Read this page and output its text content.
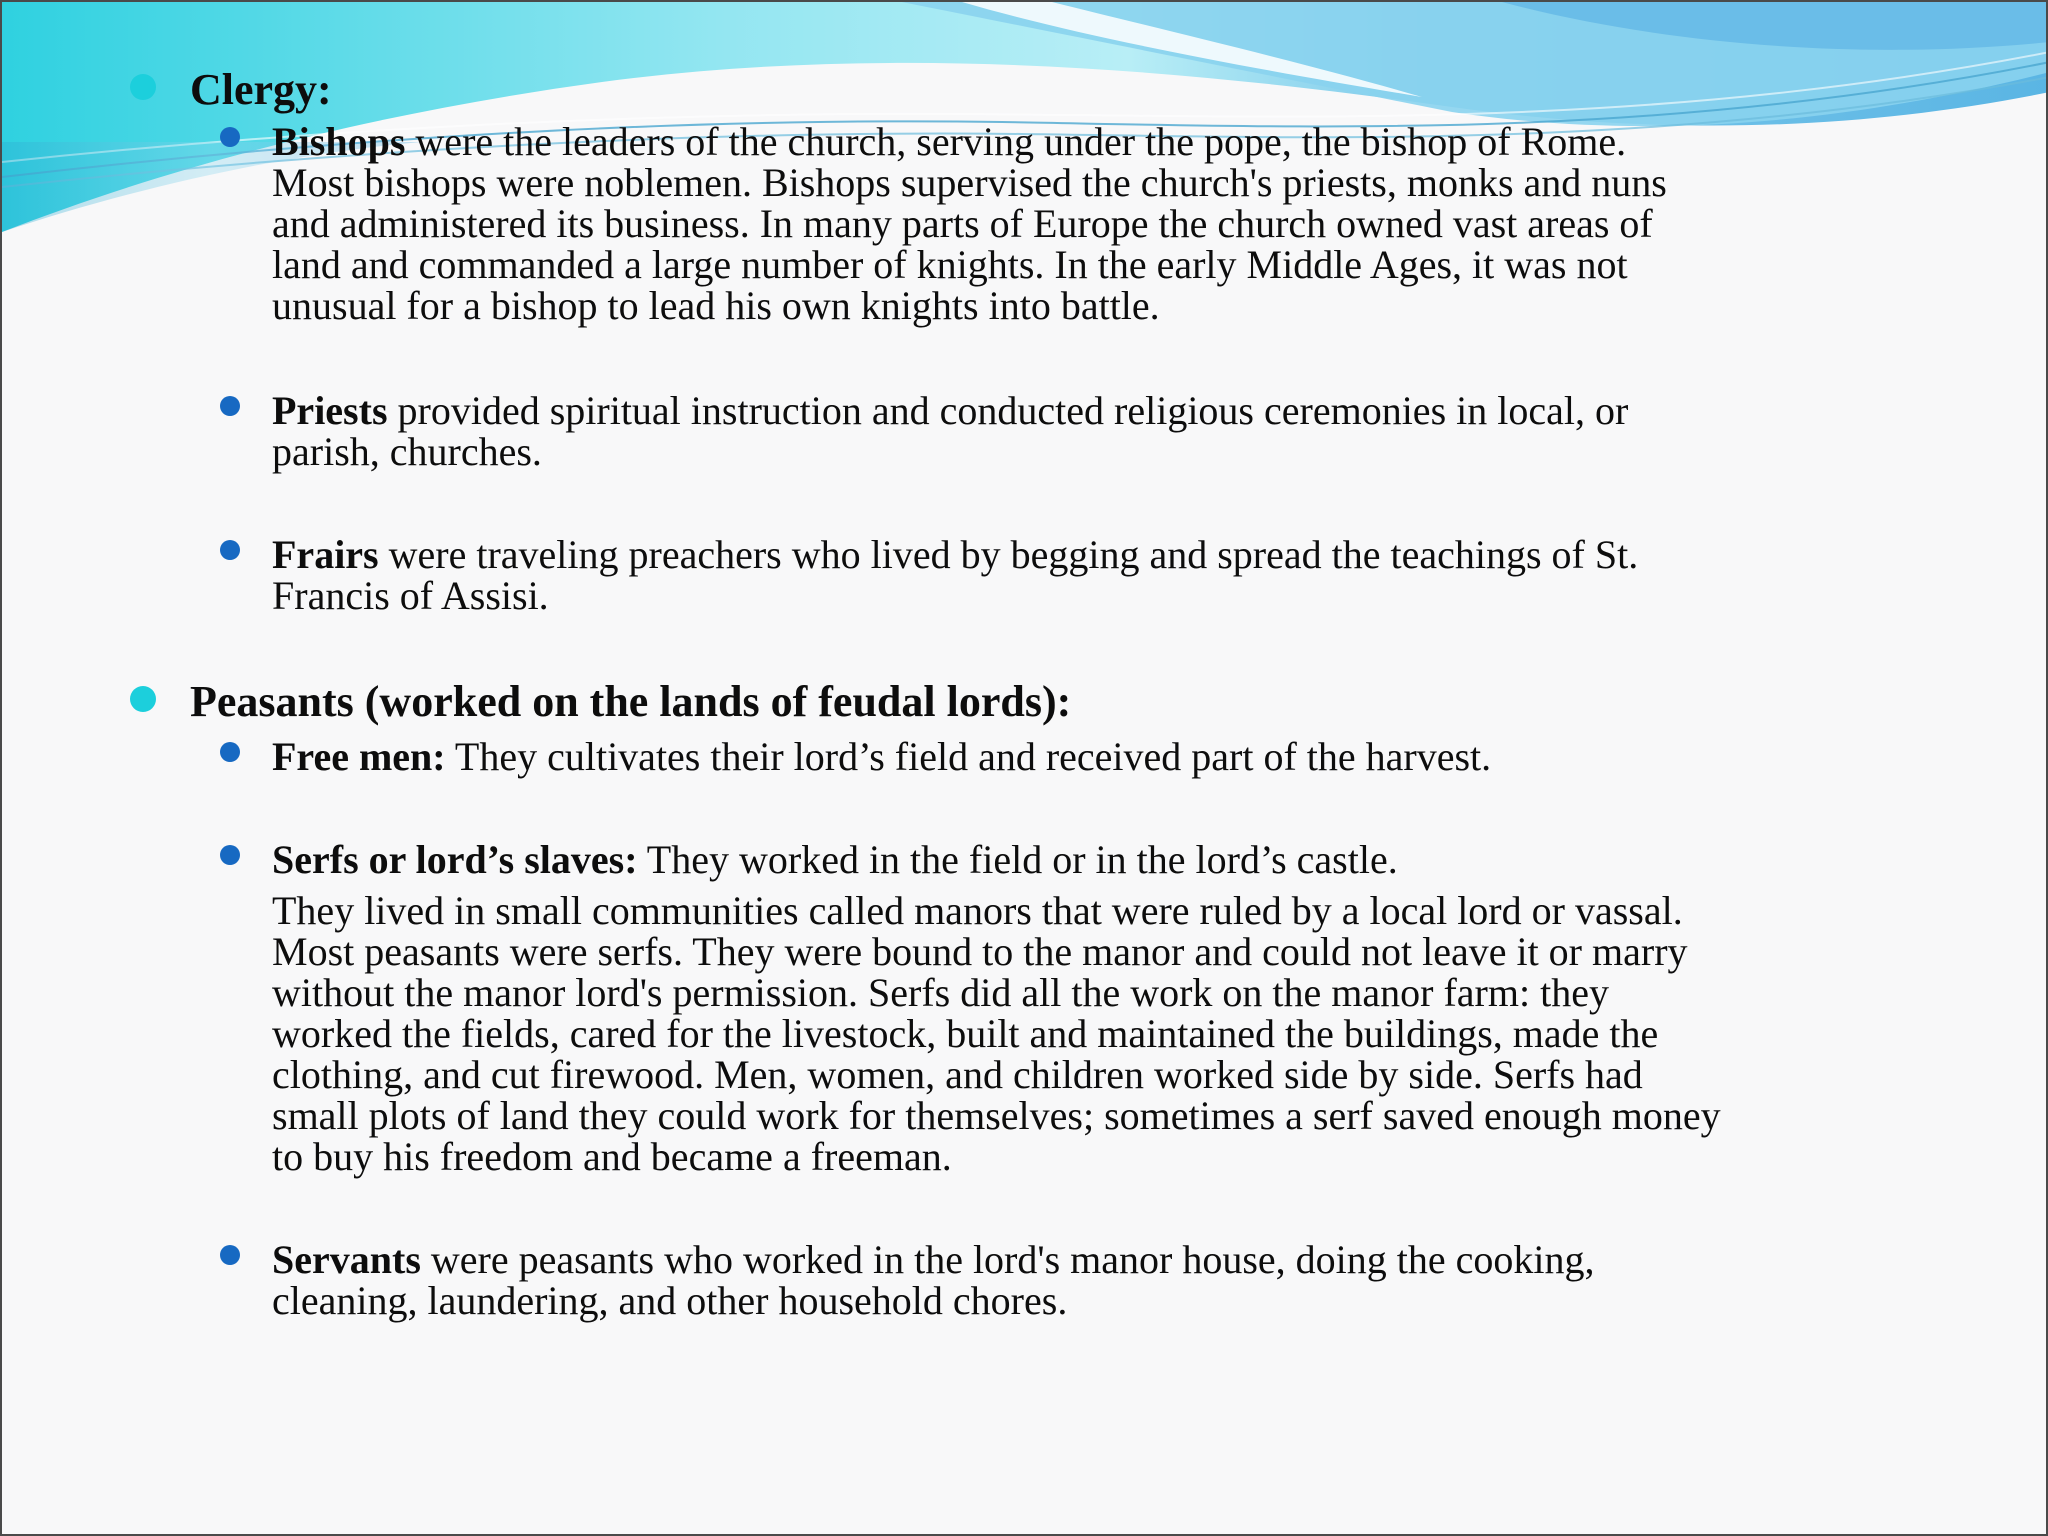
Clergy:

Bishops were the leaders of the church, serving under the pope, the bishop of Rome.

Most bishops were noblemen. Bishops supervised the church's priests, monks and nuns

and administered its business. In many parts of Europe the church owned vast areas of

land and commanded a large number of knights. In the early Middle Ages, it was not

unusual for a bishop to lead his own knights into battle.

Priests provided spiritual instruction and conducted religious ceremonies in local, or

parish, churches.

Frairs were traveling preachers who lived by begging and spread the teachings of St.

Francis of Assisi.

Peasants (worked on the lands of feudal lords):

Free men: They cultivates their lord’s field and received part of the harvest.

Serfs or lord’s slaves: They worked in the field or in the lord’s castle.

They lived in small communities called manors that were ruled by a local lord or vassal.

Most peasants were serfs. They were bound to the manor and could not leave it or marry

without the manor lord's permission. Serfs did all the work on the manor farm: they

worked the fields, cared for the livestock, built and maintained the buildings, made the

clothing, and cut firewood. Men, women, and children worked side by side. Serfs had

small plots of land they could work for themselves; sometimes a serf saved enough money

to buy his freedom and became a freeman.

Servants were peasants who worked in the lord's manor house, doing the cooking,

cleaning, laundering, and other household chores.
